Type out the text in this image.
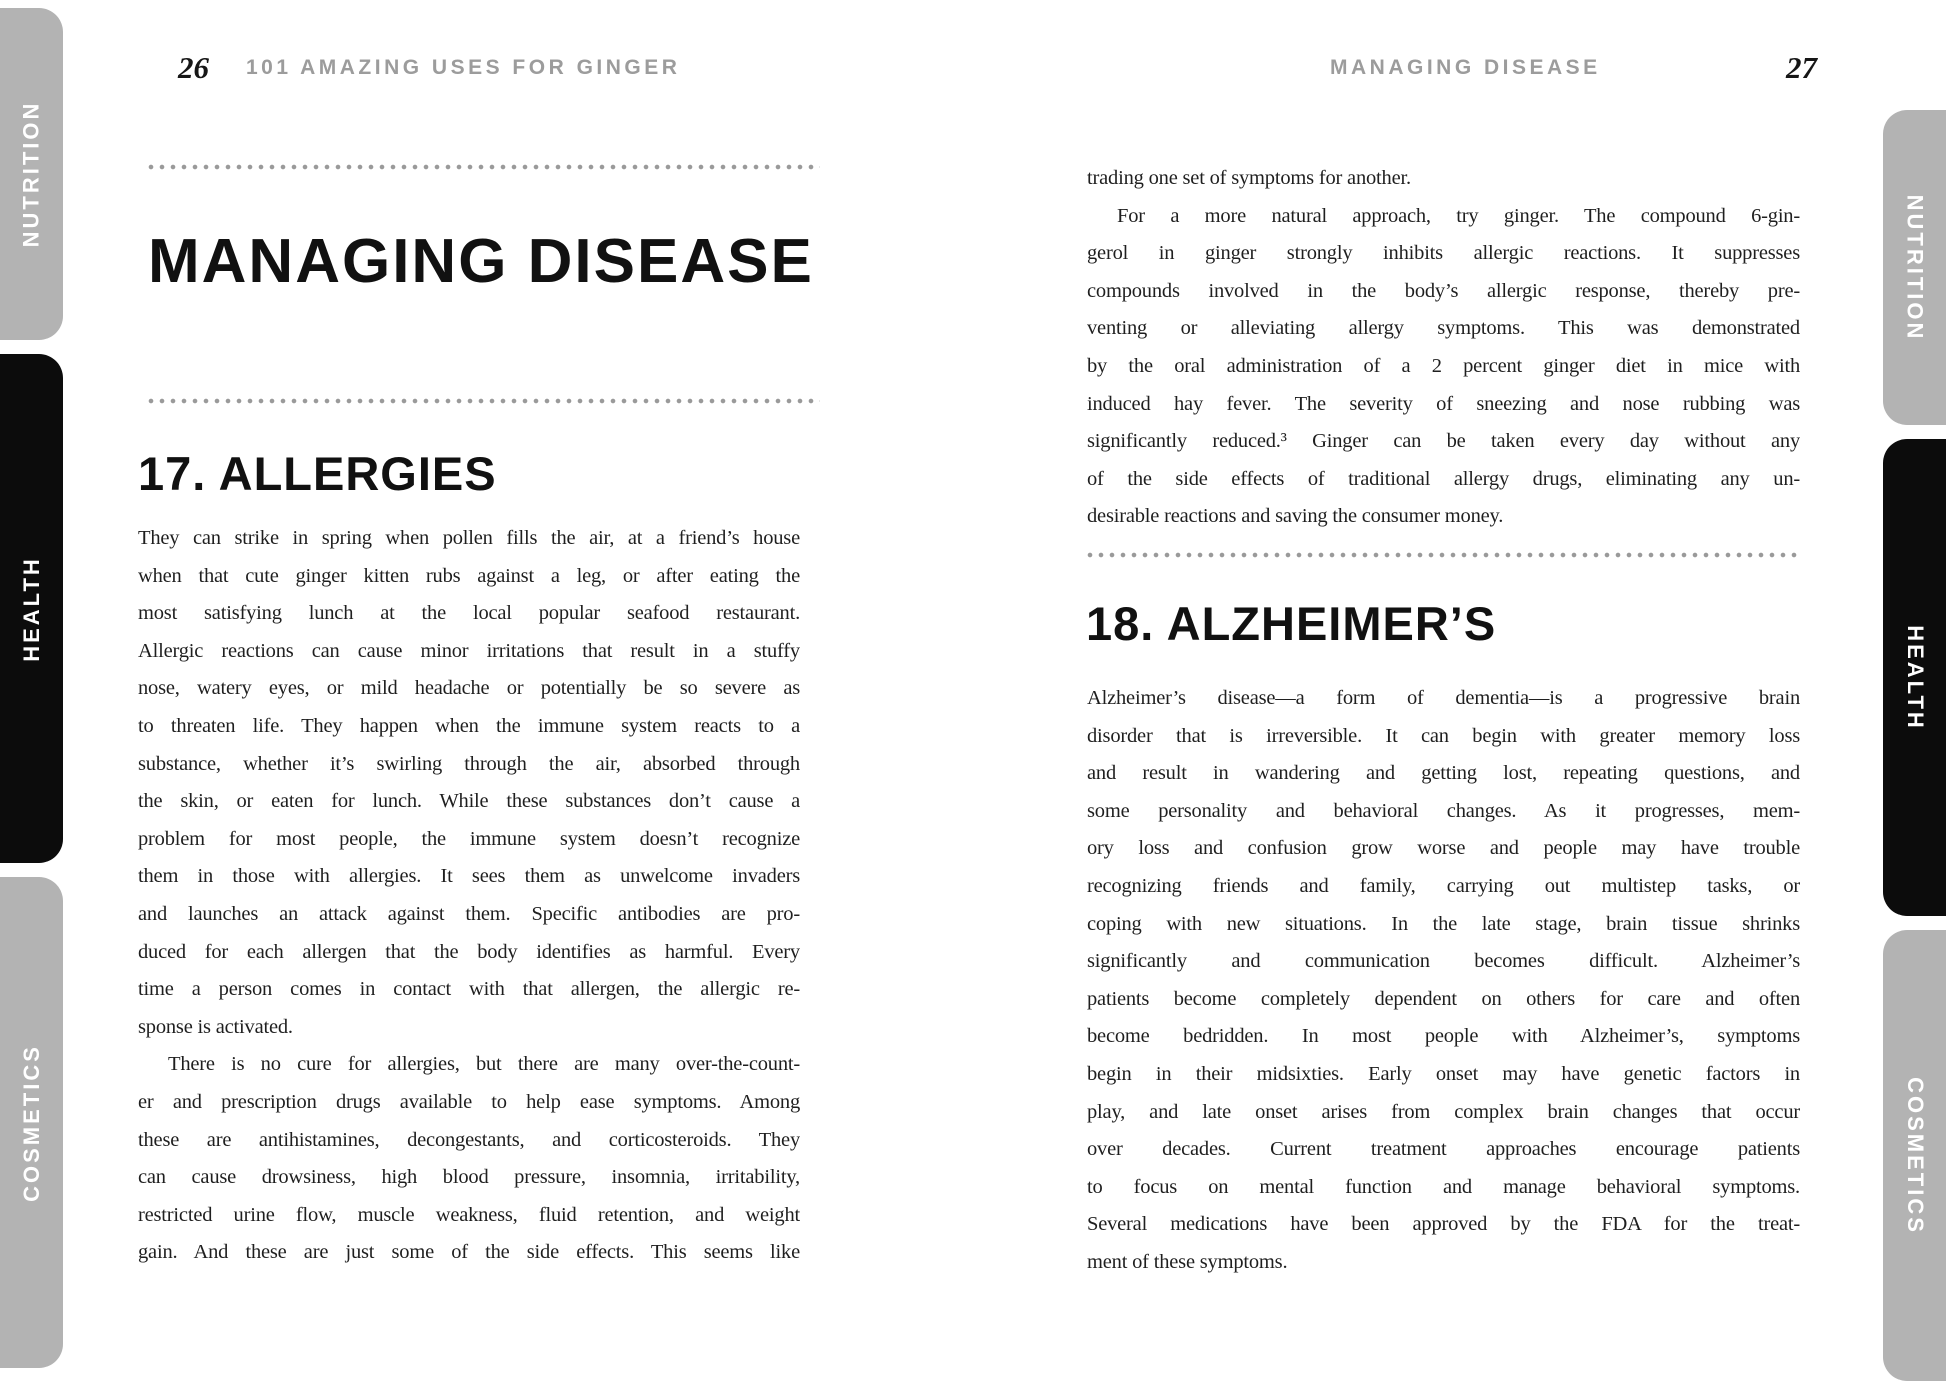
NUTRITION
HEALTH
COSMETICS
NUTRITION
HEALTH
COSMETICS
26 101 AMAZING USES FOR GINGER
MANAGING DISEASE
17. ALLERGIES
They can strike in spring when pollen fills the air, at a friend’s house
when that cute ginger kitten rubs against a leg, or after eating the
most satisfying lunch at the local popular seafood restaurant.
Allergic reactions can cause minor irritations that result in a stuffy
nose, watery eyes, or mild headache or potentially be so severe as
to threaten life. They happen when the immune system reacts to a
substance, whether it’s swirling through the air, absorbed through
the skin, or eaten for lunch. While these substances don’t cause a
problem for most people, the immune system doesn’t recognize
them in those with allergies. It sees them as unwelcome invaders
and launches an attack against them. Specific antibodies are pro-
duced for each allergen that the body identifies as harmful. Every
time a person comes in contact with that allergen, the allergic re-
sponse is activated.
There is no cure for allergies, but there are many over-the-count-
er and prescription drugs available to help ease symptoms. Among
these are antihistamines, decongestants, and corticosteroids. They
can cause drowsiness, high blood pressure, insomnia, irritability,
restricted urine flow, muscle weakness, fluid retention, and weight
gain. And these are just some of the side effects. This seems like
MANAGING DISEASE	27
trading one set of symptoms for another.
For a more natural approach, try ginger. The compound 6-gin-
gerol in ginger strongly inhibits allergic reactions. It suppresses
compounds involved in the body’s allergic response, thereby pre-
venting or alleviating allergy symptoms. This was demonstrated
by the oral administration of a 2 percent ginger diet in mice with
induced hay fever. The severity of sneezing and nose rubbing was
significantly reduced.³ Ginger can be taken every day without any
of the side effects of traditional allergy drugs, eliminating any un-
desirable reactions and saving the consumer money.
18. ALZHEIMER’S
Alzheimer’s disease—a form of dementia—is a progressive brain
disorder that is irreversible. It can begin with greater memory loss
and result in wandering and getting lost, repeating questions, and
some personality and behavioral changes. As it progresses, mem-
ory loss and confusion grow worse and people may have trouble
recognizing friends and family, carrying out multistep tasks, or
coping with new situations. In the late stage, brain tissue shrinks
significantly and communication becomes difficult. Alzheimer’s
patients become completely dependent on others for care and often
become bedridden. In most people with Alzheimer’s, symptoms
begin in their midsixties. Early onset may have genetic factors in
play, and late onset arises from complex brain changes that occur
over decades. Current treatment approaches encourage patients
to focus on mental function and manage behavioral symptoms.
Several medications have been approved by the FDA for the treat-
ment of these symptoms.
